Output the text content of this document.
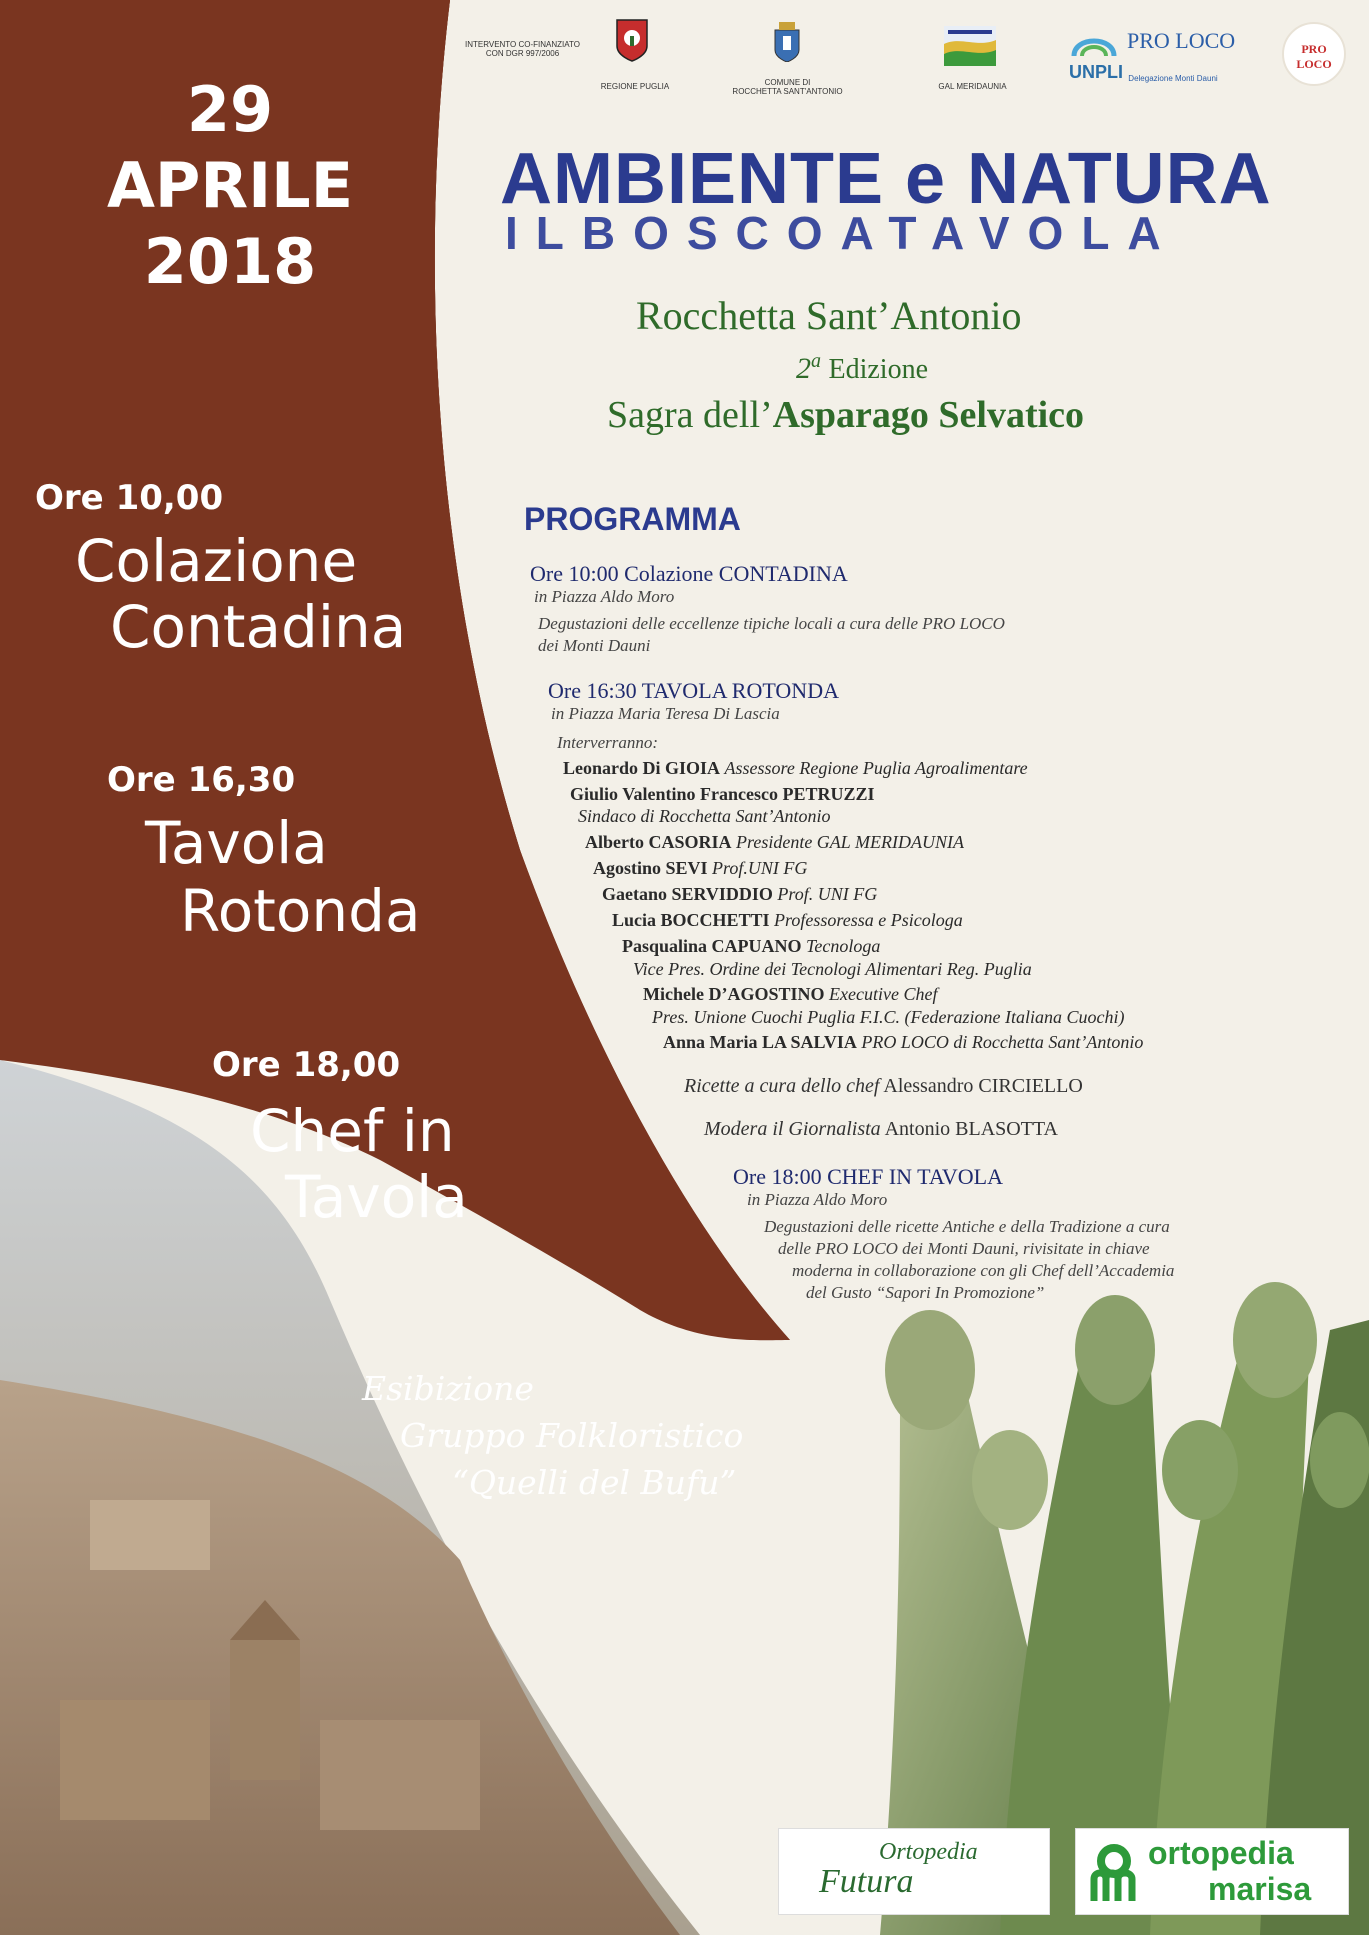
29
APRILE
2018
Ore 10,00
Colazione
Contadina
Ore 16,30
Tavola
Rotonda
Ore 18,00
Chef in
Tavola
Esibizione
Gruppo Folkloristico
“Quelli del Bufu”
INTERVENTO CO-FINANZIATO
CON DGR 997/2006
REGIONE PUGLIA	COMUNE DI
ROCCHETTA SANT'ANTONIO
GAL MERIDAUNIA
UNPLI
PRO LOCO
Delegazione Monti Dauni
PRO LOCO
AMBIENTE e NATURA
ILBOSCOATAVOLA
Rocchetta Sant’Antonio
2$^a$ Edizione
Sagra dell’Asparago Selvatico
PROGRAMMA
Ore 10:00 Colazione CONTADINA
in Piazza Aldo Moro
Degustazioni delle eccellenze tipiche locali a cura delle PRO LOCO
dei Monti Dauni
Ore 16:30 TAVOLA ROTONDA
in Piazza Maria Teresa Di Lascia
Interverranno:
Leonardo Di GIOIA Assessore Regione Puglia Agroalimentare
Giulio Valentino Francesco PETRUZZI
Sindaco di Rocchetta Sant’Antonio
Alberto CASORIA Presidente GAL MERIDAUNIA
Agostino SEVI Prof.UNI FG
Gaetano SERVIDDIO Prof. UNI FG
Lucia BOCCHETTI Professoressa e Psicologa
Pasqualina CAPUANO Tecnologa
Vice Pres. Ordine dei Tecnologi Alimentari Reg. Puglia
Michele D’AGOSTINO Executive Chef
Pres. Unione Cuochi Puglia F.I.C. (Federazione Italiana Cuochi)
Anna Maria LA SALVIA PRO LOCO di Rocchetta Sant’Antonio
Ricette a cura dello chef Alessandro CIRCIELLO
Modera il Giornalista Antonio BLASOTTA
Ore 18:00 CHEF IN TAVOLA
in Piazza Aldo Moro
Degustazioni delle ricette Antiche e della Tradizione a cura
delle PRO LOCO dei Monti Dauni, rivisitate in chiave
moderna in collaborazione con gli Chef dell’Accademia
del Gusto “Sapori In Promozione”
Ortopedia
Futura
ortopedia
marisa
